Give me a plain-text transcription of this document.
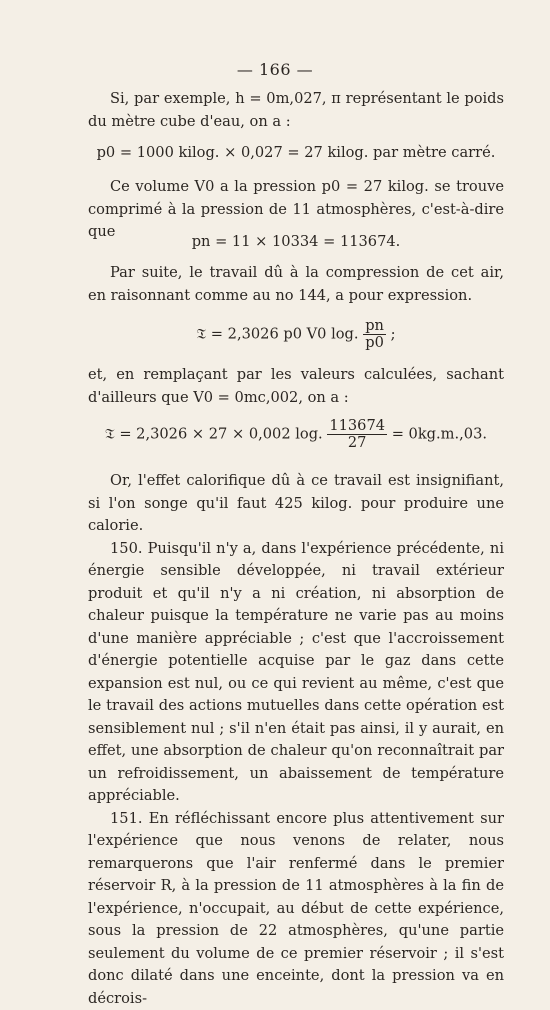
— 166 —

Si, par exemple, h = 0m,027, π représentant le poids du mètre cube d'eau, on a :

p0 = 1000 kilog. × 0,027 = 27 kilog. par mètre carré.

Ce volume V0 a la pression p0 = 27 kilog. se trouve comprimé à la pression de 11 atmosphères, c'est-à-dire que

pn = 11 × 10334 = 113674.

Par suite, le travail dû à la compression de cet air, en raisonnant comme au no 144, a pour expression.

𝔗 = 2,3026 p0 V0 log. $\frac{pn}{p0}$ ;

et, en remplaçant par les valeurs calculées, sachant d'ailleurs que V0 = 0mc,002, on a :

𝔗 = 2,3026 × 27 × 0,002 log. $\frac{113674}{27} = 0kg.m.,03$.

Or, l'effet calorifique dû à ce travail est insignifiant, si l'on songe qu'il faut 425 kilog. pour produire une calorie.

150. Puisqu'il n'y a, dans l'expérience précédente, ni énergie sensible développée, ni travail extérieur produit et qu'il n'y a ni création, ni absorption de chaleur puisque la température ne varie pas au moins d'une manière appréciable ; c'est que l'accroissement d'énergie potentielle acquise par le gaz dans cette expansion est nul, ou ce qui revient au même, c'est que le travail des actions mutuelles dans cette opération est sensiblement nul ; s'il n'en était pas ainsi, il y aurait, en effet, une absorption de chaleur qu'on reconnaîtrait par un refroidissement, un abaissement de température appréciable.

151. En réfléchissant encore plus attentivement sur l'expérience que nous venons de relater, nous remarquerons que l'air renfermé dans le premier réservoir R, à la pression de 11 atmosphères à la fin de l'expérience, n'occupait, au début de cette expérience, sous la pression de 22 atmosphères, qu'une partie seulement du volume de ce premier réservoir ; il s'est donc dilaté dans une enceinte, dont la pression va en décrois-
